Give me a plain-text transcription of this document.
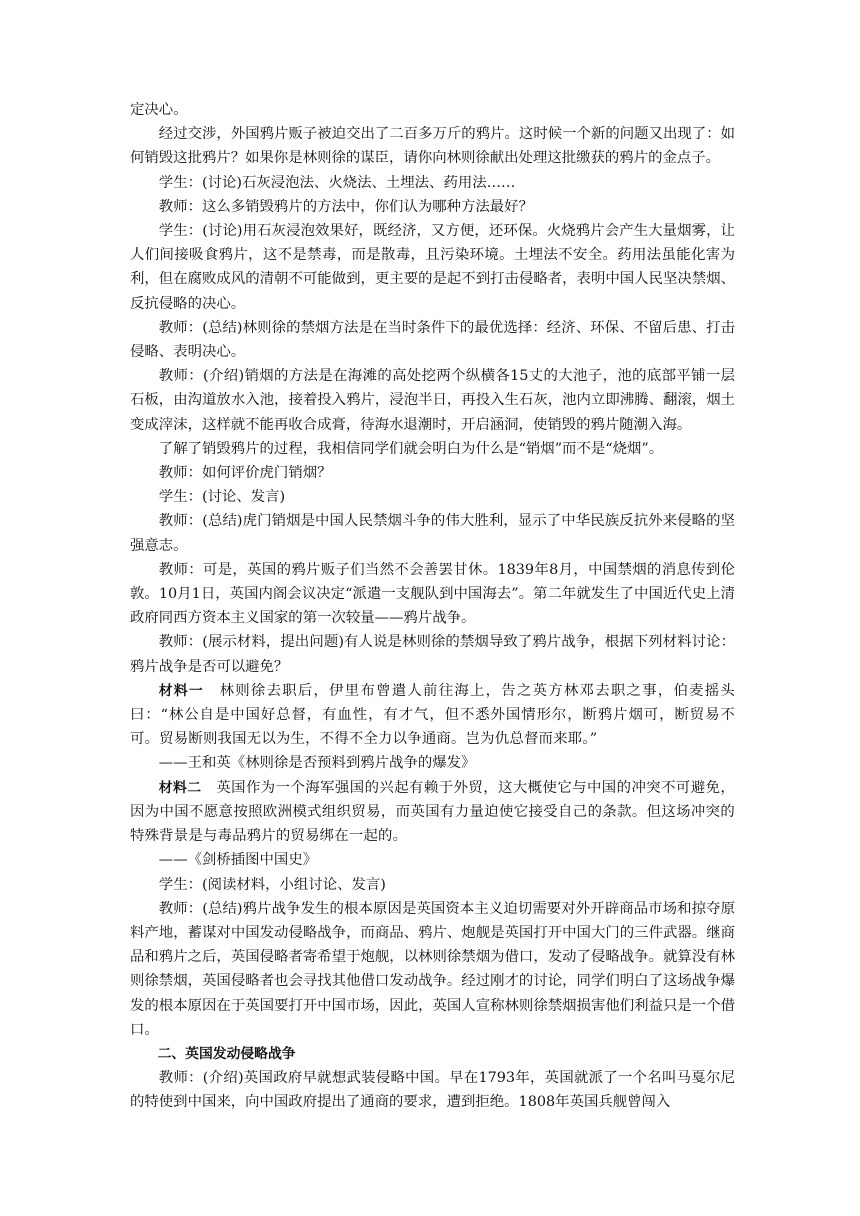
定决心。

经过交涉，外国鸦片贩子被迫交出了二百多万斤的鸦片。这时候一个新的问题又出现了：如何销毁这批鸦片？如果你是林则徐的谋臣，请你向林则徐献出处理这批缴获的鸦片的金点子。

学生：(讨论)石灰浸泡法、火烧法、土埋法、药用法……

教师：这么多销毁鸦片的方法中，你们认为哪种方法最好？

学生：(讨论)用石灰浸泡效果好，既经济，又方便，还环保。火烧鸦片会产生大量烟雾，让人们间接吸食鸦片，这不是禁毒，而是散毒，且污染环境。土埋法不安全。药用法虽能化害为利，但在腐败成风的清朝不可能做到，更主要的是起不到打击侵略者，表明中国人民坚决禁烟、反抗侵略的决心。

教师：(总结)林则徐的禁烟方法是在当时条件下的最优选择：经济、环保、不留后患、打击侵略、表明决心。

教师：(介绍)销烟的方法是在海滩的高处挖两个纵横各15丈的大池子，池的底部平铺一层石板，由沟道放水入池，接着投入鸦片，浸泡半日，再投入生石灰，池内立即沸腾、翻滚，烟土变成滓沫，这样就不能再收合成膏，待海水退潮时，开启涵洞，使销毁的鸦片随潮入海。

了解了销毁鸦片的过程，我相信同学们就会明白为什么是“销烟”而不是“烧烟”。

教师：如何评价虎门销烟？

学生：(讨论、发言)

教师：(总结)虎门销烟是中国人民禁烟斗争的伟大胜利，显示了中华民族反抗外来侵略的坚强意志。

教师：可是，英国的鸦片贩子们当然不会善罢甘休。1839年8月，中国禁烟的消息传到伦敦。10月1日，英国内阁会议决定“派遣一支舰队到中国海去”。第二年就发生了中国近代史上清政府同西方资本主义国家的第一次较量——鸦片战争。

教师：(展示材料，提出问题)有人说是林则徐的禁烟导致了鸦片战争，根据下列材料讨论：鸦片战争是否可以避免？

材料一　林则徐去职后，伊里布曾遣人前往海上，告之英方林邓去职之事，伯麦摇头曰：“林公自是中国好总督，有血性，有才气，但不悉外国情形尔，断鸦片烟可，断贸易不可。贸易断则我国无以为生，不得不全力以争通商。岂为仇总督而来耶。”

——王和英《林则徐是否预料到鸦片战争的爆发》

材料二　英国作为一个海军强国的兴起有赖于外贸，这大概使它与中国的冲突不可避免，因为中国不愿意按照欧洲模式组织贸易，而英国有力量迫使它接受自己的条款。但这场冲突的特殊背景是与毒品鸦片的贸易绑在一起的。

——《剑桥插图中国史》

学生：(阅读材料，小组讨论、发言)

教师：(总结)鸦片战争发生的根本原因是英国资本主义迫切需要对外开辟商品市场和掠夺原料产地，蓄谋对中国发动侵略战争，而商品、鸦片、炮舰是英国打开中国大门的三件武器。继商品和鸦片之后，英国侵略者寄希望于炮舰，以林则徐禁烟为借口，发动了侵略战争。就算没有林则徐禁烟，英国侵略者也会寻找其他借口发动战争。经过刚才的讨论，同学们明白了这场战争爆发的根本原因在于英国要打开中国市场，因此，英国人宣称林则徐禁烟损害他们利益只是一个借口。

二、英国发动侵略战争

教师：(介绍)英国政府早就想武装侵略中国。早在1793年，英国就派了一个名叫马戛尔尼的特使到中国来，向中国政府提出了通商的要求，遭到拒绝。1808年英国兵舰曾闯入
